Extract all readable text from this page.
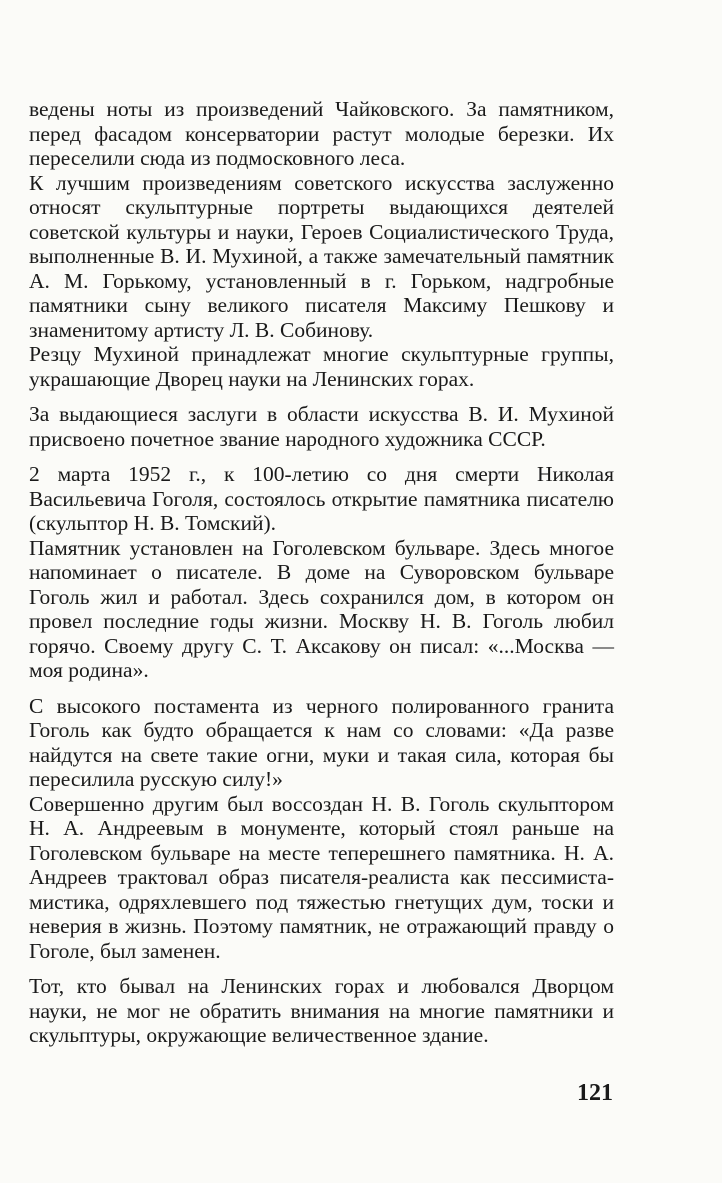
ведены ноты из произведений Чайковского. За памятником, перед фасадом консерватории растут молодые березки. Их переселили сюда из подмосковного леса.

К лучшим произведениям советского искусства заслуженно относят скульптурные портреты выдающихся деятелей советской культуры и науки, Героев Социалистического Труда, выполненные В. И. Мухиной, а также замечательный памятник А. М. Горькому, установленный в г. Горьком, надгробные памятники сыну великого писателя Максиму Пешкову и знаменитому артисту Л. В. Собинову.

Резцу Мухиной принадлежат многие скульптурные группы, украшающие Дворец науки на Ленинских горах.

За выдающиеся заслуги в области искусства В. И. Мухиной присвоено почетное звание народного художника СССР.

2 марта 1952 г., к 100-летию со дня смерти Николая Васильевича Гоголя, состоялось открытие памятника писателю (скульптор Н. В. Томский).

Памятник установлен на Гоголевском бульваре. Здесь многое напоминает о писателе. В доме на Суворовском бульваре Гоголь жил и работал. Здесь сохранился дом, в котором он провел последние годы жизни. Москву Н. В. Гоголь любил горячо. Своему другу С. Т. Аксакову он писал: «...Москва — моя родина».

С высокого постамента из черного полированного гранита Гоголь как будто обращается к нам со словами: «Да разве найдутся на свете такие огни, муки и такая сила, которая бы пересилила русскую силу!»

Совершенно другим был воссоздан Н. В. Гоголь скульптором Н. А. Андреевым в монументе, который стоял раньше на Гоголевском бульваре на месте теперешнего памятника. Н. А. Андреев трактовал образ писателя-реалиста как пессимиста-мистика, одряхлевшего под тяжестью гнетущих дум, тоски и неверия в жизнь. Поэтому памятник, не отражающий правду о Гоголе, был заменен.

Тот, кто бывал на Ленинских горах и любовался Дворцом науки, не мог не обратить внимания на многие памятники и скульптуры, окружающие величественное здание.

121
